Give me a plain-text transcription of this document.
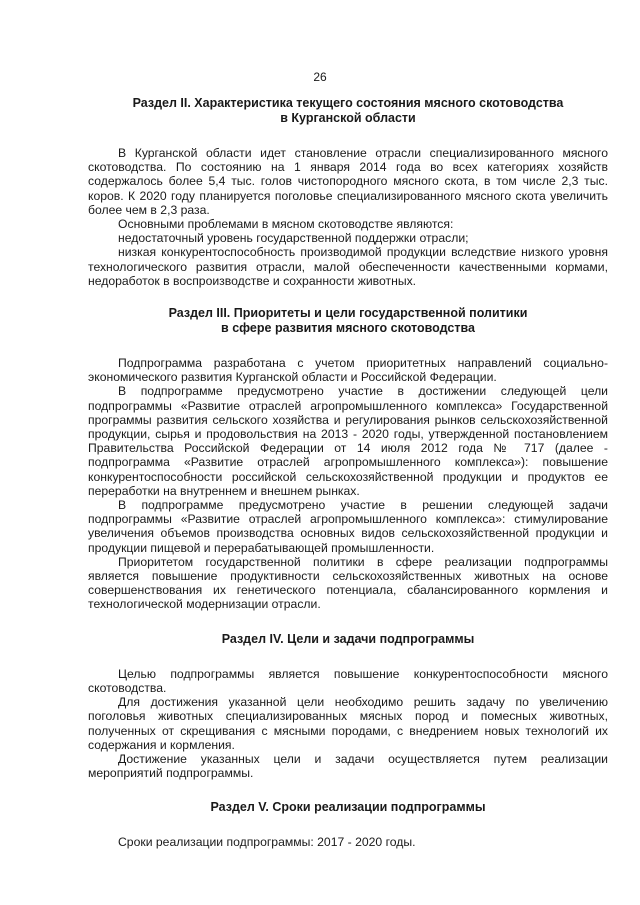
26

Раздел II. Характеристика текущего состояния мясного скотоводства

в Курганской области

В Курганской области идет становление отрасли специализированного мясного скотоводства. По состоянию на 1 января 2014 года во всех категориях хозяйств содержалось более 5,4 тыс. голов чистопородного мясного скота, в том числе 2,3 тыс. коров. К 2020 году планируется поголовье специализированного мясного скота увеличить более чем в 2,3 раза.

Основными проблемами в мясном скотоводстве являются:

недостаточный уровень государственной поддержки отрасли;

низкая конкурентоспособность производимой продукции вследствие низкого уровня технологического развития отрасли, малой обеспеченности качественными кормами, недоработок в воспроизводстве и сохранности животных.

Раздел III. Приоритеты и цели государственной политики

в сфере развития мясного скотоводства

Подпрограмма разработана с учетом приоритетных направлений социально-экономического развития Курганской области и Российской Федерации.

В подпрограмме предусмотрено участие в достижении следующей цели подпрограммы «Развитие отраслей агропромышленного комплекса» Государственной программы развития сельского хозяйства и регулирования рынков сельскохозяйственной продукции, сырья и продовольствия на 2013 - 2020 годы, утвержденной постановлением Правительства Российской Федерации от 14 июля 2012 года № 717 (далее - подпрограмма «Развитие отраслей агропромышленного комплекса»): повышение конкурентоспособности российской сельскохозяйственной продукции и продуктов ее переработки на внутреннем и внешнем рынках.

В подпрограмме предусмотрено участие в решении следующей задачи подпрограммы «Развитие отраслей агропромышленного комплекса»: стимулирование увеличения объемов производства основных видов сельскохозяйственной продукции и продукции пищевой и перерабатывающей промышленности.

Приоритетом государственной политики в сфере реализации подпрограммы является повышение продуктивности сельскохозяйственных животных на основе совершенствования их генетического потенциала, сбалансированного кормления и технологической модернизации отрасли.

Раздел IV. Цели и задачи подпрограммы

Целью подпрограммы является повышение конкурентоспособности мясного скотоводства.

Для достижения указанной цели необходимо решить задачу по увеличению поголовья животных специализированных мясных пород и помесных животных, полученных от скрещивания с мясными породами, с внедрением новых технологий их содержания и кормления.

Достижение указанных цели и задачи осуществляется путем реализации мероприятий подпрограммы.

Раздел V. Сроки реализации подпрограммы

Сроки реализации подпрограммы: 2017 - 2020 годы.
